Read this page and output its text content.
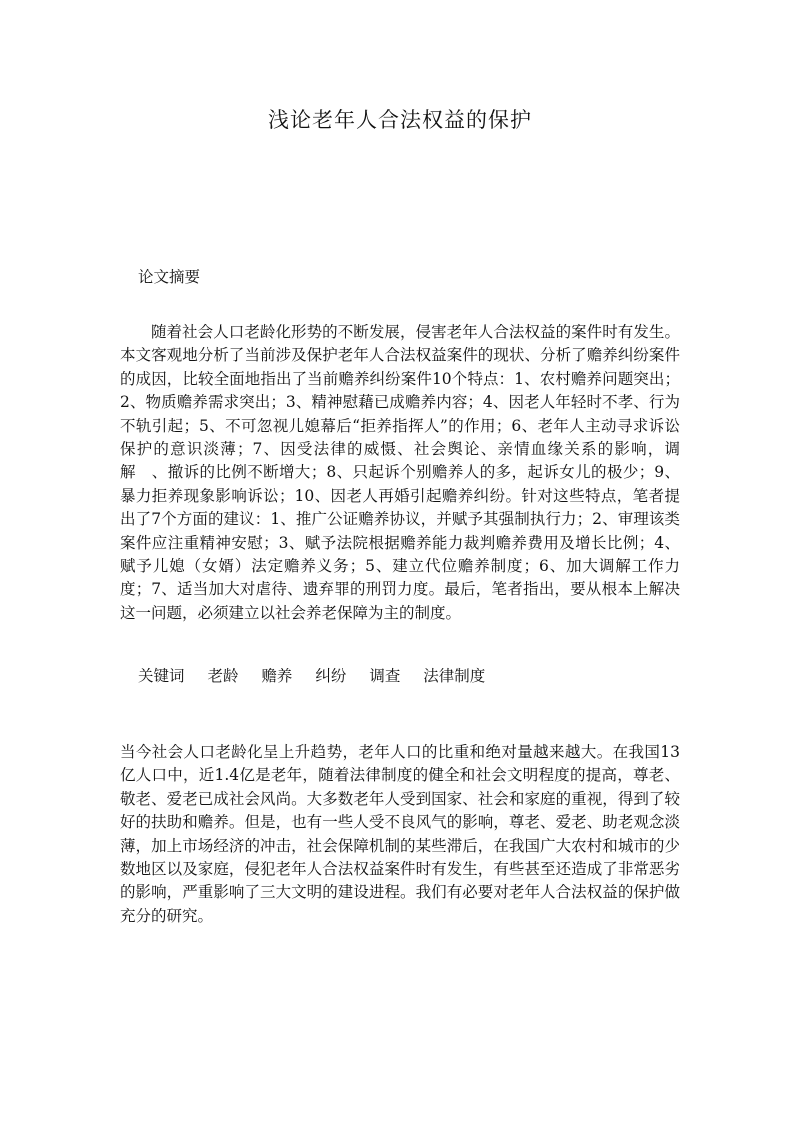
浅论老年人合法权益的保护
论文摘要

随着社会人口老龄化形势的不断发展，侵害老年人合法权益的案件时有发生。本文客观地分析了当前涉及保护老年人合法权益案件的现状、分析了赡养纠纷案件的成因，比较全面地指出了当前赡养纠纷案件10个特点：1、农村赡养问题突出；2、物质赡养需求突出；3、精神慰藉已成赡养内容；4、因老人年轻时不孝、行为不轨引起；5、不可忽视儿媳幕后“拒养指挥人”的作用；6、老年人主动寻求诉讼保护的意识淡薄；7、因受法律的威慑、社会舆论、亲情血缘关系的影响，调解　、撤诉的比例不断增大；8、只起诉个别赡养人的多，起诉女儿的极少；9、暴力拒养现象影响诉讼；10、因老人再婚引起赡养纠纷。针对这些特点，笔者提出了7个方面的建议：1、推广公证赡养协议，并赋予其强制执行力；2、审理该类案件应注重精神安慰；3、赋予法院根据赡养能力裁判赡养费用及增长比例；4、赋予儿媳（女婿）法定赡养义务；5、建立代位赡养制度；6、加大调解工作力度；7、适当加大对虐待、遗弃罪的刑罚力度。最后，笔者指出，要从根本上解决这一问题，必须建立以社会养老保障为主的制度。

关键词 老龄 赡养 纠纷 调查 法律制度

当今社会人口老龄化呈上升趋势，老年人口的比重和绝对量越来越大。在我国13亿人口中，近1.4亿是老年，随着法律制度的健全和社会文明程度的提高，尊老、敬老、爱老已成社会风尚。大多数老年人受到国家、社会和家庭的重视，得到了较好的扶助和赡养。但是，也有一些人受不良风气的影响，尊老、爱老、助老观念淡薄，加上市场经济的冲击，社会保障机制的某些滞后，在我国广大农村和城市的少数地区以及家庭，侵犯老年人合法权益案件时有发生，有些甚至还造成了非常恶劣的影响，严重影响了三大文明的建设进程。我们有必要对老年人合法权益的保护做充分的研究。
